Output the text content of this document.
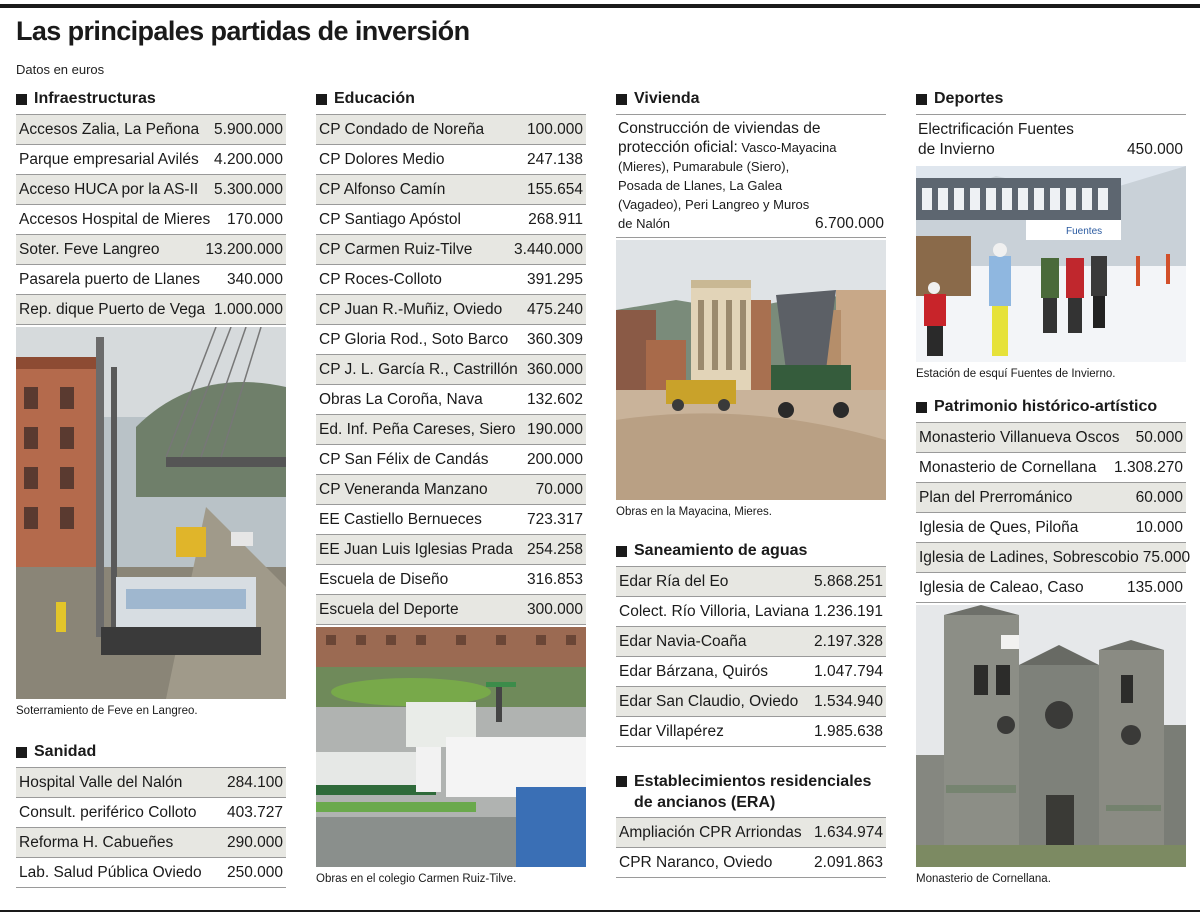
Las principales partidas de inversión
Datos en euros
Infraestructuras
Accesos Zalia, La Peñona 5.900.000
Parque empresarial Avilés 4.200.000
Acceso HUCA por la AS-II 5.300.000
Accesos Hospital de Mieres 170.000
Soter. Feve Langreo	13.200.000
Pasarela puerto de Llanes 340.000
Rep. dique Puerto de Vega 1.000.000
Soterramiento de Feve en Langreo.
Sanidad
Hospital Valle del Nalón	284.100
Consult. periférico Colloto 403.727
Reforma H. Cabueñes	290.000
Lab. Salud Pública Oviedo 250.000
Educación
CP Condado de Noreña	100.000
CP Dolores Medio	247.138
CP Alfonso Camín	155.654
CP Santiago Apóstol	268.911
CP Carmen Ruiz-Tilve	3.440.000
CP Roces-Colloto	391.295
CP Juan R.-Muñiz, Oviedo 475.240
CP Gloria Rod., Soto Barco 360.309
CP J. L. García R., Castrillón 360.000
Obras La Coroña, Nava	132.602
Ed. Inf. Peña Careses, Siero 190.000
CP San Félix de Candás 200.000
CP Veneranda Manzano	70.000
EE Castiello Bernueces	723.317
EE Juan Luis Iglesias Prada 254.258
Escuela de Diseño	316.853
Escuela del Deporte	300.000
Obras en el colegio Carmen Ruiz-Tilve.
Vivienda
Construcción de viviendas de
protección oficial: Vasco-Mayacina
(Mieres), Pumarabule (Siero),
Posada de Llanes, La Galea
(Vagadeo), Peri Langreo y Muros
de Nalón	6.700.000
Obras en la Mayacina, Mieres.
Saneamiento de aguas
Edar Ría del Eo	5.868.251
Colect. Río Villoria, Laviana 1.236.191
Edar Navia-Coaña	2.197.328
Edar Bárzana, Quirós	1.047.794
Edar San Claudio, Oviedo 1.534.940
Edar Villapérez	1.985.638
Establecimientos residenciales
de ancianos (ERA)
Ampliación CPR Arriondas 1.634.974
CPR Naranco, Oviedo	2.091.863
Deportes
Electrificación Fuentes
de Invierno	450.000
Fuentes
Estación de esquí Fuentes de Invierno.
Patrimonio histórico-artístico
Monasterio Villanueva Oscos 50.000
Monasterio de Cornellana 1.308.270
Plan del Prerrománico	60.000
Iglesia de Ques, Piloña	10.000
Iglesia de Ladines, Sobrescobio 75.000
Iglesia de Caleao, Caso	135.000
Monasterio de Cornellana.
